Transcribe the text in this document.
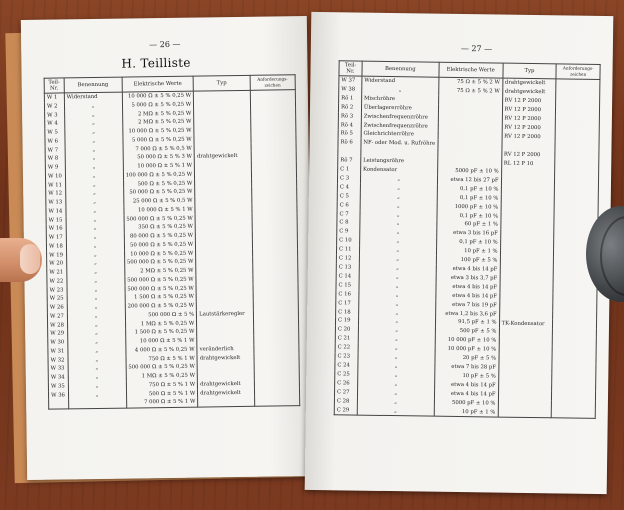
— 26 —
H. Teilliste
Teil-Nr.	Benennung	Elektrische Werte	Typ	Anforderungs-zeichen
W 1	Widerstand	10 000 Ω ± 5 % 0,25 W		
W 2	„	5 000 Ω ± 5 % 0,25 W		
W 3	„	2 MΩ ± 5 % 0,25 W		
W 4	„	2 MΩ ± 5 % 0,25 W		
W 5	„	10 000 Ω ± 5 % 0,25 W		
W 6	„	5 000 Ω ± 5 % 0,25 W		
W 7	„	7 000 Ω ± 5 % 0,5 W		
W 8	„	50 000 Ω ± 5 % 3 W	drahtgewickelt	
W 9	„	10 000 Ω ± 5 % 1 W		
W 10	„	100 000 Ω ± 5 % 0,25 W		
W 11	„	500 Ω ± 5 % 0,25 W		
W 12	„	50 000 Ω ± 5 % 0,25 W		
W 13	„	25 000 Ω ± 5 % 0,5 W		
W 14	„	10 000 Ω ± 5 % 1 W		
W 15	„	500 000 Ω ± 5 % 0,25 W		
W 16	„	350 Ω ± 5 % 0,25 W		
W 17	„	80 000 Ω ± 5 % 0,25 W		
W 18	„	50 000 Ω ± 5 % 0,25 W		
W 19	„	10 000 Ω ± 5 % 0,25 W		
W 20	„	500 000 Ω ± 5 % 0,25 W		
W 21	„	2 MΩ ± 5 % 0,25 W		
W 22	„	500 000 Ω ± 5 % 0,25 W		
W 23	„	500 000 Ω ± 5 % 0,25 W		
W 25	„	1 500 Ω ± 5 % 0,25 W		
W 26	„	200 000 Ω ± 5 % 0,25 W		
W 27	„	500 000 Ω ± 5 %	Lautstärkeregler	
W 28	„	1 MΩ ± 5 % 0,25 W		
W 29	„	1 500 Ω ± 5 % 0,25 W		
W 30	„	10 000 Ω ± 5 % 1 W		
W 31	„	4 000 Ω ± 5 % 0,25 W	veränderlich	
W 32	„	750 Ω ± 5 % 1 W	drahtgewickelt	
W 33	„	500 000 Ω ± 5 % 0,25 W		
W 34	„	1 MΩ ± 5 % 0,25 W		
W 35	„	750 Ω ± 5 % 1 W	drahtgewickelt	
W 36	„	500 Ω ± 5 % 1 W	drahtgewickelt	
		7 000 Ω ± 5 % 1 W		
— 27 —
Teil-Nr.	Benennung	Elektrische Werte	Typ	Anforderungs-zeichen
W 37	Widerstand	75 Ω ± 5 % 2 W	drahtgewickelt	
W 38	„	75 Ω ± 5 % 2 W	drahtgewickelt	
Rö 1	Mischröhre		RV 12 P 2000	
Rö 2	Überlagererröhre		RV 12 P 2000	
Rö 3	Zwischenfrequenzröhre		RV 12 P 2000	
Rö 4	Zwischenfrequenzröhre		RV 12 P 2000	
Rö 5	Gleichrichterröhre		RV 12 P 2000	
Rö 6	NF- oder Mod. u. Rufröhre			
			RV 12 P 2000	
Rö 7	Leistungsröhre		RL 12 P 10	
C 1	Kondensator	5000 pF ± 10 %		
C 3	„	etwa 12 bis 27 pF		
C 4	„	0,1 pF ± 10 %		
C 5	„	0,1 pF ± 10 %		
C 6	„	1000 pF ± 10 %		
C 7	„	0,1 pF ± 10 %		
C 8	„	60 pF ± 1 %		
C 9	„	etwa 3 bis 16 pF		
C 10	„	0,1 pF ± 10 %		
C 11	„	10 pF ± 1 %		
C 12	„	100 pF ± 5 %		
C 13	„	etwa 4 bis 14 pF		
C 14	„	etwa 3 bis 3,7 pF		
C 15	„	etwa 4 bis 14 pF		
C 16	„	etwa 4 bis 14 pF		
C 17	„	etwa 7 bis 19 pF		
C 18	„	etwa 1,2 bis 3,6 pF		
C 19	„	91,5 pF ± 1 %	TK-Kondensator	
C 20	„	500 pF ± 5 %		
C 21	„	10 000 pF ± 10 %		
C 22	„	10 000 pF ± 10 %		
C 23	„	20 pF ± 5 %		
C 24	„	etwa 7 bis 28 pF		
C 25	„	10 pF ± 5 %		
C 26	„	etwa 4 bis 14 pF		
C 27	„	etwa 4 bis 14 pF		
C 28	„	5000 pF ± 10 %		
C 29	„	10 pF ± 1 %		
